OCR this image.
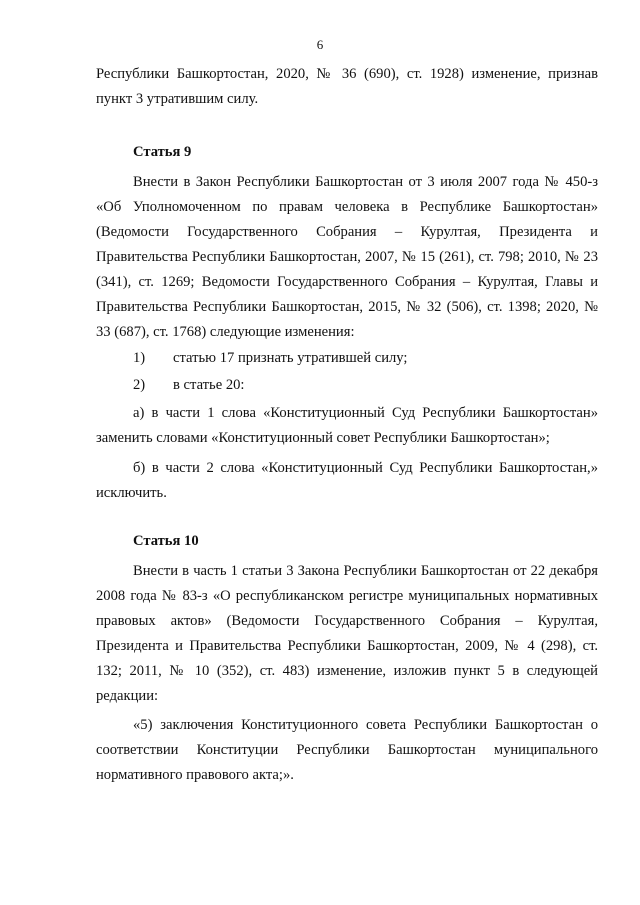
6

Республики Башкортостан, 2020, № 36 (690), ст. 1928) изменение, признав пункт 3 утратившим силу.

Статья 9

Внести в Закон Республики Башкортостан от 3 июля 2007 года № 450-з «Об Уполномоченном по правам человека в Республике Башкортостан» (Ведомости Государственного Собрания – Курултая, Президента и Правительства Республики Башкортостан, 2007, № 15 (261), ст. 798; 2010, № 23 (341), ст. 1269; Ведомости Государственного Собрания – Курултая, Главы и Правительства Республики Башкортостан, 2015, № 32 (506), ст. 1398; 2020, № 33 (687), ст. 1768) следующие изменения:

1) статью 17 признать утратившей силу;
2) в статье 20:

а) в части 1 слова «Конституционный Суд Республики Башкортостан» заменить словами «Конституционный совет Республики Башкортостан»;

б) в части 2 слова «Конституционный Суд Республики Башкортостан,» исключить.

Статья 10

Внести в часть 1 статьи 3 Закона Республики Башкортостан от 22 декабря 2008 года № 83-з «О республиканском регистре муниципальных нормативных правовых актов» (Ведомости Государственного Собрания – Курултая, Президента и Правительства Республики Башкортостан, 2009, № 4 (298), ст. 132; 2011, № 10 (352), ст. 483) изменение, изложив пункт 5 в следующей редакции:

«5) заключения Конституционного совета Республики Башкортостан о соответствии Конституции Республики Башкортостан муниципального нормативного правового акта;».
